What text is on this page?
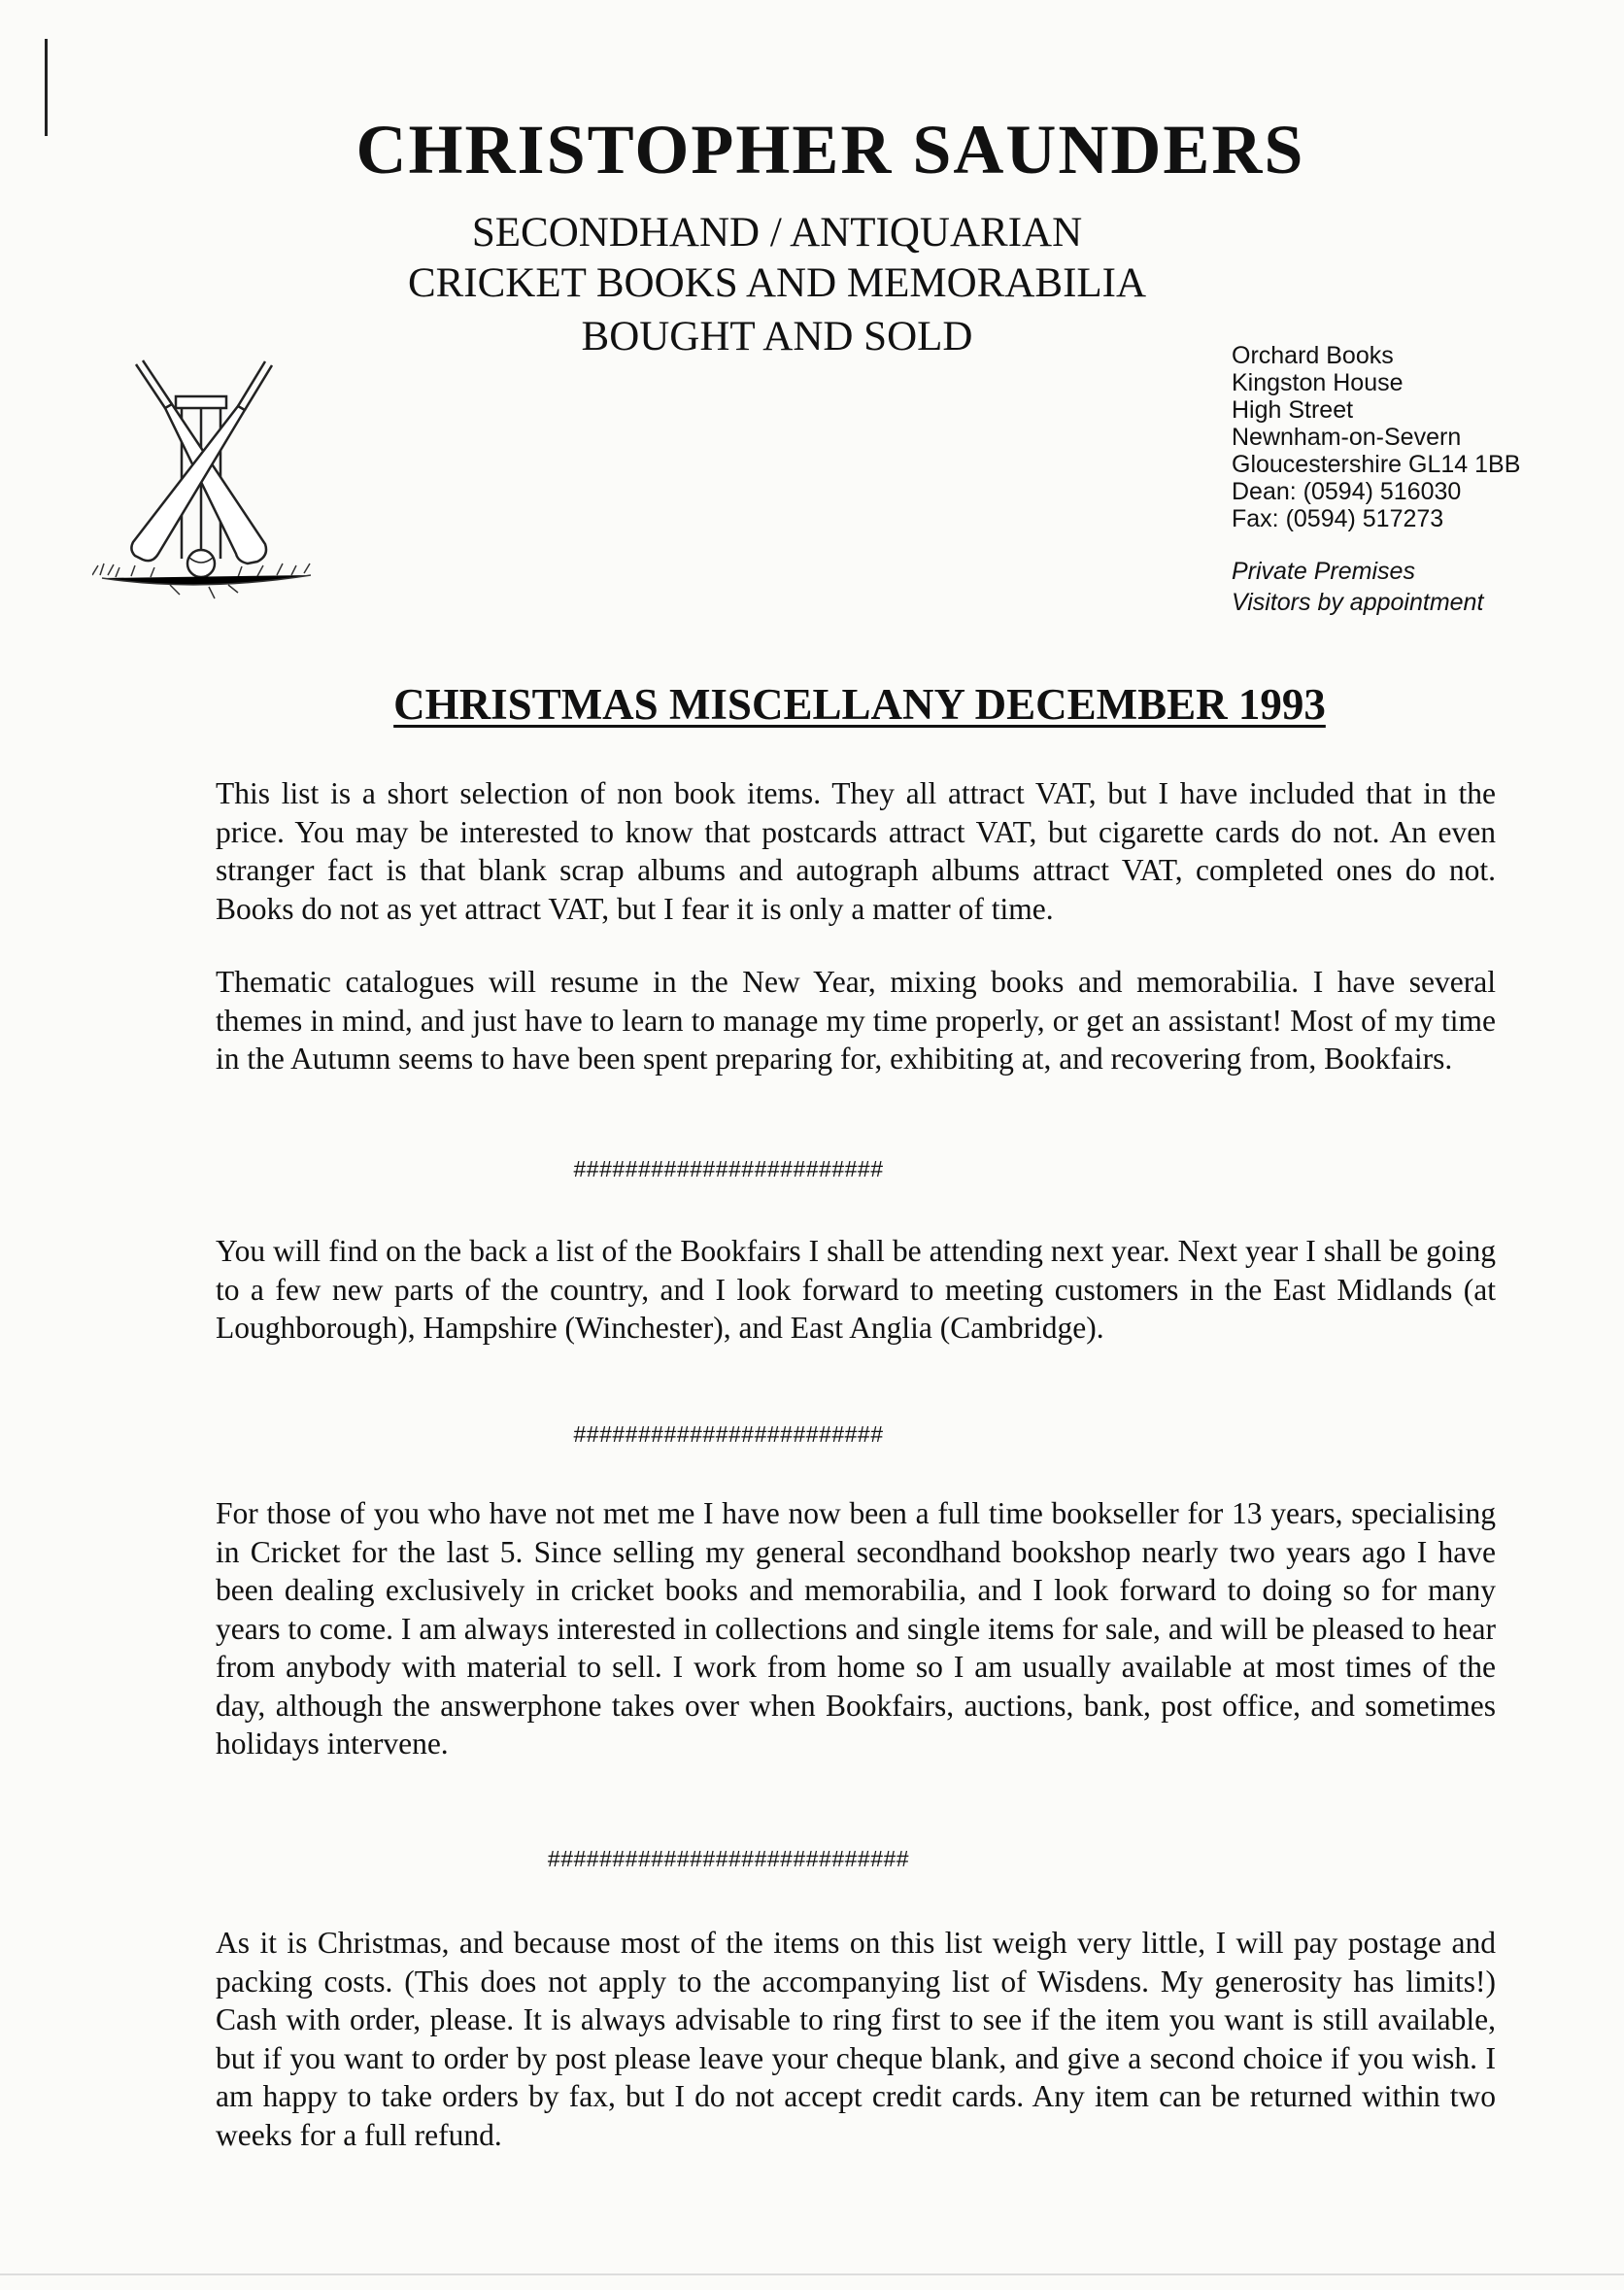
CHRISTOPHER SAUNDERS

SECONDHAND / ANTIQUARIAN

CRICKET BOOKS AND MEMORABILIA

BOUGHT AND SOLD	Orchard Books
Kingston House
High Street
Newnham-on-Severn
Gloucestershire GL14 1BB
Dean: (0594) 516030
Fax: (0594) 517273
Private Premises
Visitors by appointment
CHRISTMAS MISCELLANY DECEMBER 1993

This list is a short selection of non book items. They all attract VAT, but I have included that in the price. You may be interested to know that postcards attract VAT, but cigarette cards do not. An even stranger fact is that blank scrap albums and autograph albums attract VAT, completed ones do not. Books do not as yet attract VAT, but I fear it is only a matter of time.

Thematic catalogues will resume in the New Year, mixing books and memorabilia. I have several themes in mind, and just have to learn to manage my time properly, or get an assistant! Most of my time in the Autumn seems to have been spent preparing for, exhibiting at, and recovering from, Bookfairs.

########################

You will find on the back a list of the Bookfairs I shall be attending next year. Next year I shall be going to a few new parts of the country, and I look forward to meeting customers in the East Midlands (at Loughborough), Hampshire (Winchester), and East Anglia (Cambridge).

########################

For those of you who have not met me I have now been a full time bookseller for 13 years, specialising in Cricket for the last 5. Since selling my general secondhand bookshop nearly two years ago I have been dealing exclusively in cricket books and memorabilia, and I look forward to doing so for many years to come. I am always interested in collections and single items for sale, and will be pleased to hear from anybody with material to sell. I work from home so I am usually available at most times of the day, although the answerphone takes over when Bookfairs, auctions, bank, post office, and sometimes holidays intervene.

############################

As it is Christmas, and because most of the items on this list weigh very little, I will pay postage and packing costs. (This does not apply to the accompanying list of Wisdens. My generosity has limits!) Cash with order, please. It is always advisable to ring first to see if the item you want is still available, but if you want to order by post please leave your cheque blank, and give a second choice if you wish. I am happy to take orders by fax, but I do not accept credit cards. Any item can be returned within two weeks for a full refund.
